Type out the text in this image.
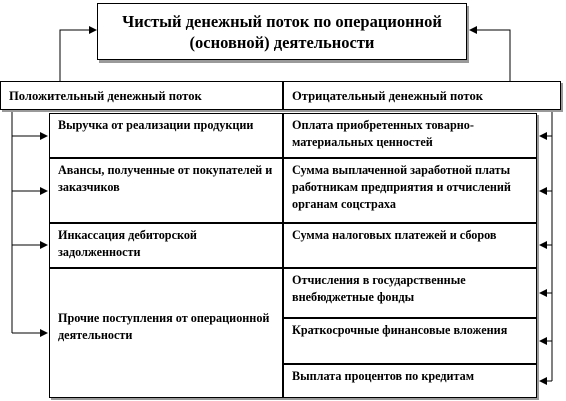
Чистый денежный поток по операционной (основной) деятельности
Положительный денежный поток	Отрицательный денежный поток
Выручка от реализации продукции
Авансы, полученные от покупателей и заказчиков
Инкассация дебиторской задолженности
Прочие поступления от операционной деятельности
Оплата приобретенных товарно-материальных ценностей
Сумма выплаченной заработной платы работникам предприятия и отчислений органам соцстраха
Сумма налоговых платежей и сборов
Отчисления в государственные внебюджетные фонды
Краткосрочные финансовые вложения
Выплата процентов по кредитам
